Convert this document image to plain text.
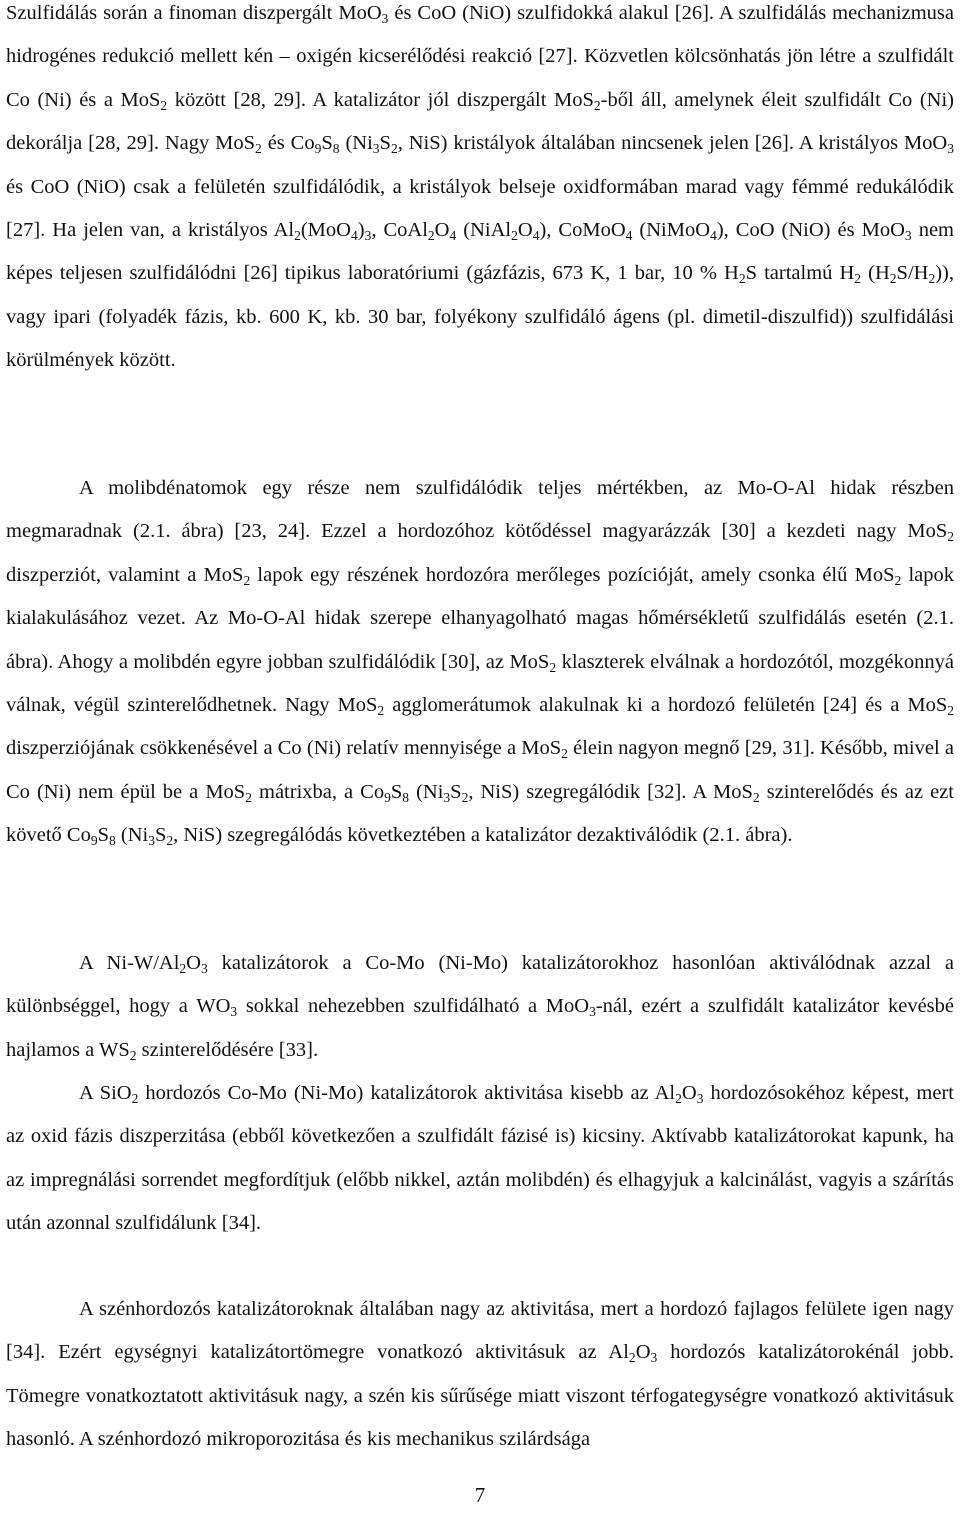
Szulfidálás során a finoman diszpergált MoO$_3$ és CoO (NiO) szulfidokká alakul [26]. A szulfidálás mechanizmusa hidrogénes redukció mellett kén – oxigén kicserélődési reakció [27]. Közvetlen kölcsönhatás jön létre a szulfidált Co (Ni) és a MoS$_2$ között [28, 29]. A katalizátor jól diszpergált MoS$_2$-ből áll, amelynek éleit szulfidált Co (Ni) dekorálja [28, 29]. Nagy MoS$_2$ és $Co_9S_8$ ($Ni_3S_2$, NiS) kristályok általában nincsenek jelen [26]. A kristályos MoO$_3$ és CoO (NiO) csak a felületén szulfidálódik, a kristályok belseje oxidformában marad vagy fémmé redukálódik [27]. Ha jelen van, a kristályos $Al_2(MoO_4)_3$, $CoAl_2O_4$ $(NiAl_2O_4)$, CoMoO$_4$ (NiMoO$_4$), CoO (NiO) és MoO$_3$ nem képes teljesen szulfidálódni [26] tipikus laboratóriumi (gázfázis, 673 K, 1 bar, 10 % $H_2S$ tartalmú $H_2$ $(H_2S/H_2)$), vagy ipari (folyadék fázis, kb. 600 K, kb. 30 bar, folyékony szulfidáló ágens (pl. dimetil-diszulfid)) szulfidálási körülmények között.

A molibdénatomok egy része nem szulfidálódik teljes mértékben, az Mo-O-Al hidak részben megmaradnak (2.1. ábra) [23, 24]. Ezzel a hordozóhoz kötődéssel magyarázzák [30] a kezdeti nagy MoS$_2$ diszperziót, valamint a MoS$_2$ lapok egy részének hordozóra merőleges pozícióját, amely csonka élű MoS$_2$ lapok kialakulásához vezet. Az Mo-O-Al hidak szerepe elhanyagolható magas hőmérsékletű szulfidálás esetén (2.1. ábra). Ahogy a molibdén egyre jobban szulfidálódik [30], az MoS$_2$ klaszterek elválnak a hordozótól, mozgékonnyá válnak, végül szinterelődhetnek. Nagy MoS$_2$ agglomerátumok alakulnak ki a hordozó felületén [24] és a MoS$_2$ diszperziójának csökkenésével a Co (Ni) relatív mennyisége a MoS$_2$ élein nagyon megnő [29, 31]. Később, mivel a Co (Ni) nem épül be a MoS$_2$ mátrixba, a $Co_9S_8$ ($Ni_3S_2$, NiS) szegregálódik [32]. A MoS$_2$ szinterelődés és az ezt követő $Co_9S_8$ ($Ni_3S_2$, NiS) szegregálódás következtében a katalizátor dezaktiválódik (2.1. ábra).

A $Ni-W/Al_2O_3$ katalizátorok a Co-Mo (Ni-Mo) katalizátorokhoz hasonlóan aktiválódnak azzal a különbséggel, hogy a $WO_3$ sokkal nehezebben szulfidálható a MoO$_3$-nál, ezért a szulfidált katalizátor kevésbé hajlamos a $WS_2$ szinterelődésére [33].

A SiO$_2$ hordozós Co-Mo (Ni-Mo) katalizátorok aktivitása kisebb az $Al_2O_3$ hordozósokéhoz képest, mert az oxid fázis diszperzitása (ebből következően a szulfidált fázisé is) kicsiny. Aktívabb katalizátorokat kapunk, ha az impregnálási sorrendet megfordítjuk (előbb nikkel, aztán molibdén) és elhagyjuk a kalcinálást, vagyis a szárítás után azonnal szulfidálunk [34].

A szénhordozós katalizátoroknak általában nagy az aktivitása, mert a hordozó fajlagos felülete igen nagy [34]. Ezért egységnyi katalizátortömegre vonatkozó aktivitásuk az $Al_2O_3$ hordozós katalizátorokénál jobb. Tömegre vonatkoztatott aktivitásuk nagy, a szén kis sűrűsége miatt viszont térfogategységre vonatkozó aktivitásuk hasonló. A szénhordozó mikroporozitása és kis mechanikus szilárdsága

7
